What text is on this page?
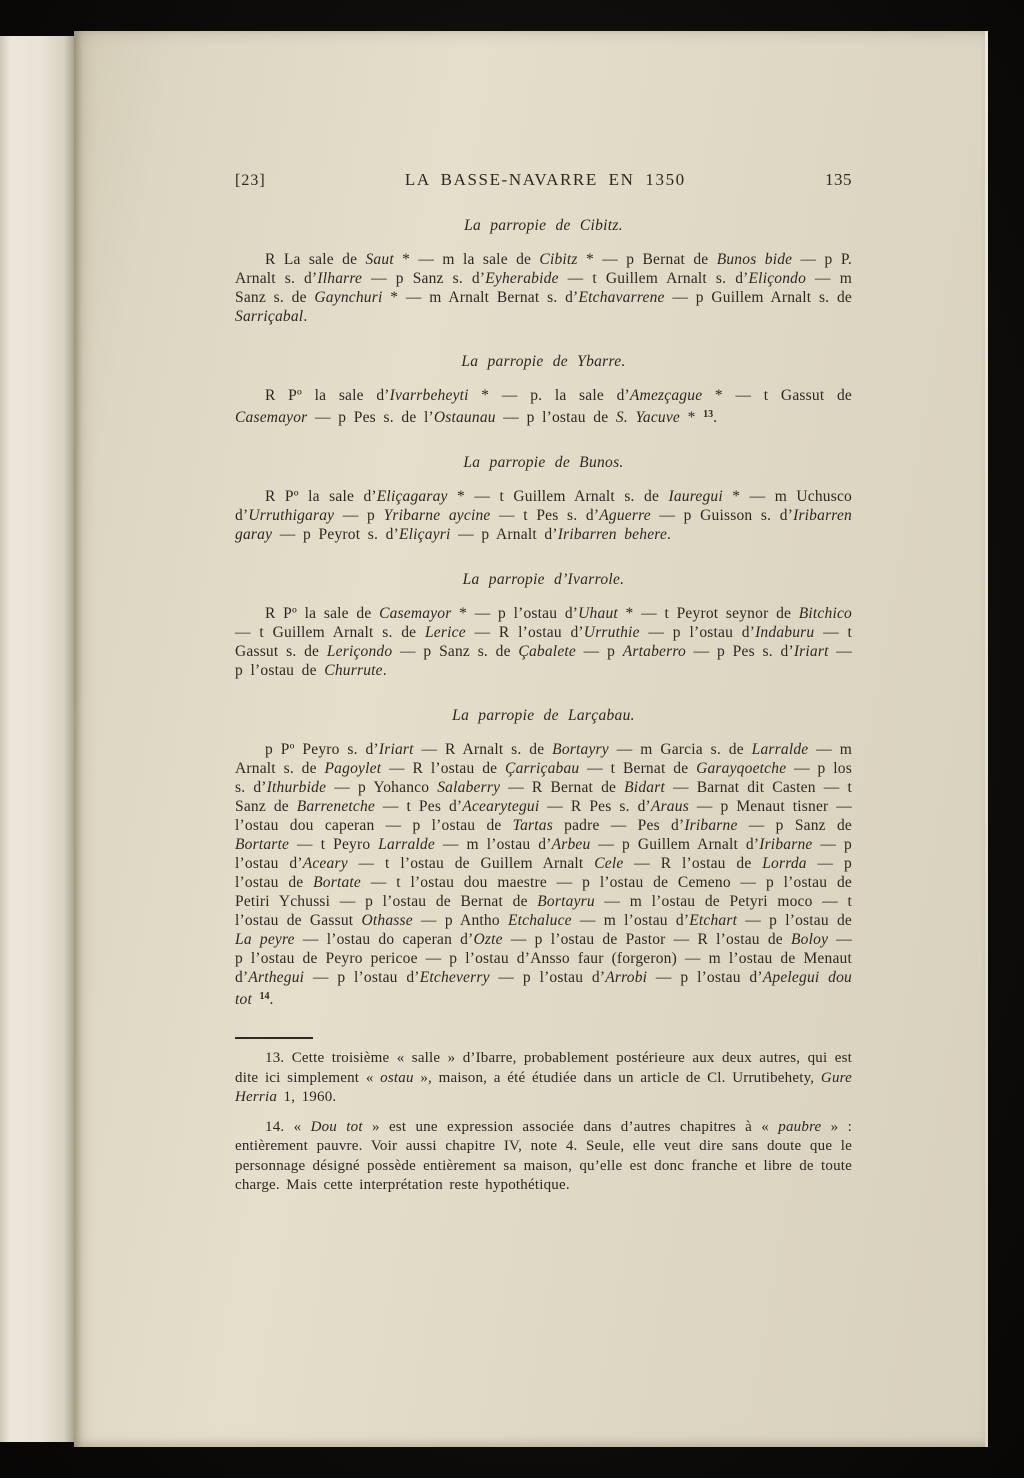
[23]	LA BASSE-NAVARRE EN 1350	135
La parropie de Cibitz.

R La sale de Saut * — m la sale de Cibitz * — p Bernat de Bunos bide — p P. Arnalt s. d’Ilharre — p Sanz s. d’Eyherabide — t Guillem Arnalt s. d’Eliçondo — m Sanz s. de Gaynchuri * — m Arnalt Bernat s. d’Etchavarrene — p Guillem Arnalt s. de Sarriçabal.

La parropie de Ybarre.

R Pº la sale d’Ivarrbeheyti * — p. la sale d’Amezçague * — t Gassut de Casemayor — p Pes s. de l’Ostaunau — p l’ostau de S. Yacuve * $^{13}$.

La parropie de Bunos.

R Pº la sale d’Eliçagaray * — t Guillem Arnalt s. de Iauregui * — m Uchusco d’Urruthigaray — p Yribarne aycine — t Pes s. d’Aguerre — p Guisson s. d’Iribarren garay — p Peyrot s. d’Eliçayri — p Arnalt d’Iribarren behere.

La parropie d’Ivarrole.

R Pº la sale de Casemayor * — p l’ostau d’Uhaut * — t Peyrot seynor de Bitchico — t Guillem Arnalt s. de Lerice — R l’ostau d’Urruthie — p l’ostau d’Indaburu — t Gassut s. de Leriçondo — p Sanz s. de Çabalete — p Artaberro — p Pes s. d’Iriart — p l’ostau de Churrute.

La parropie de Larçabau.

p Pº Peyro s. d’Iriart — R Arnalt s. de Bortayry — m Garcia s. de Larralde — m Arnalt s. de Pagoylet — R l’ostau de Çarriçabau — t Bernat de Garayqoetche — p los s. d’Ithurbide — p Yohanco Salaberry — R Bernat de Bidart — Barnat dit Casten — t Sanz de Barrenetche — t Pes d’Acearytegui — R Pes s. d’Araus — p Menaut tisner — l’ostau dou caperan — p l’ostau de Tartas padre — Pes d’Iribarne — p Sanz de Bortarte — t Peyro Larralde — m l’ostau d’Arbeu — p Guillem Arnalt d’Iribarne — p l’ostau d’Aceary — t l’ostau de Guillem Arnalt Cele — R l’ostau de Lorrda — p l’ostau de Bortate — t l’ostau dou maestre — p l’ostau de Cemeno — p l’ostau de Petiri Ychussi — p l’ostau de Bernat de Bortayru — m l’ostau de Petyri moco — t l’ostau de Gassut Othasse — p Antho Etchaluce — m l’ostau d’Etchart — p l’ostau de La peyre — l’ostau do caperan d’Ozte — p l’ostau de Pastor — R l’ostau de Boloy — p l’ostau de Peyro pericoe — p l’ostau d’Ansso faur (forgeron) — m l’ostau de Menaut d’Arthegui — p l’ostau d’Etcheverry — p l’ostau d’Arrobi — p l’ostau d’Apelegui dou tot $^{14}$.

13. Cette troisième « salle » d’Ibarre, probablement postérieure aux deux autres, qui est dite ici simplement « ostau », maison, a été étudiée dans un article de Cl. Urrutibehety, Gure Herria 1, 1960.

14. « Dou tot » est une expression associée dans d’autres chapitres à « paubre » : entièrement pauvre. Voir aussi chapitre IV, note 4. Seule, elle veut dire sans doute que le personnage désigné possède entièrement sa maison, qu’elle est donc franche et libre de toute charge. Mais cette interprétation reste hypothétique.
